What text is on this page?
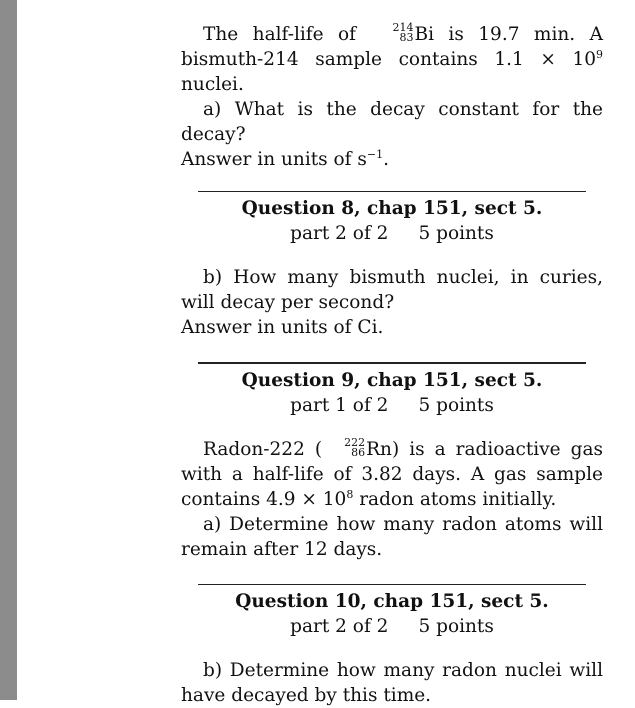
The half-life of	214
83 Bi is 19.7 min. A bismuth-214 sample contains $1.1 \times 10^9$ nuclei.

a) What is the decay constant for the decay?

Answer in units of $s^{-1}$.

Question 8, chap 151, sect 5.

part 2 of 2 5 points

b) How many bismuth nuclei, in curies, will decay per second?

Answer in units of Ci.

Question 9, chap 151, sect 5.

part 1 of 2 5 points

Radon-222 (	222
86 Rn) is a radioactive gas with a half-life of 3.82 days. A gas sample contains $4.9 \times 10^8$ radon atoms initially.

a) Determine how many radon atoms will remain after 12 days.

Question 10, chap 151, sect 5.

part 2 of 2 5 points

b) Determine how many radon nuclei will have decayed by this time.
